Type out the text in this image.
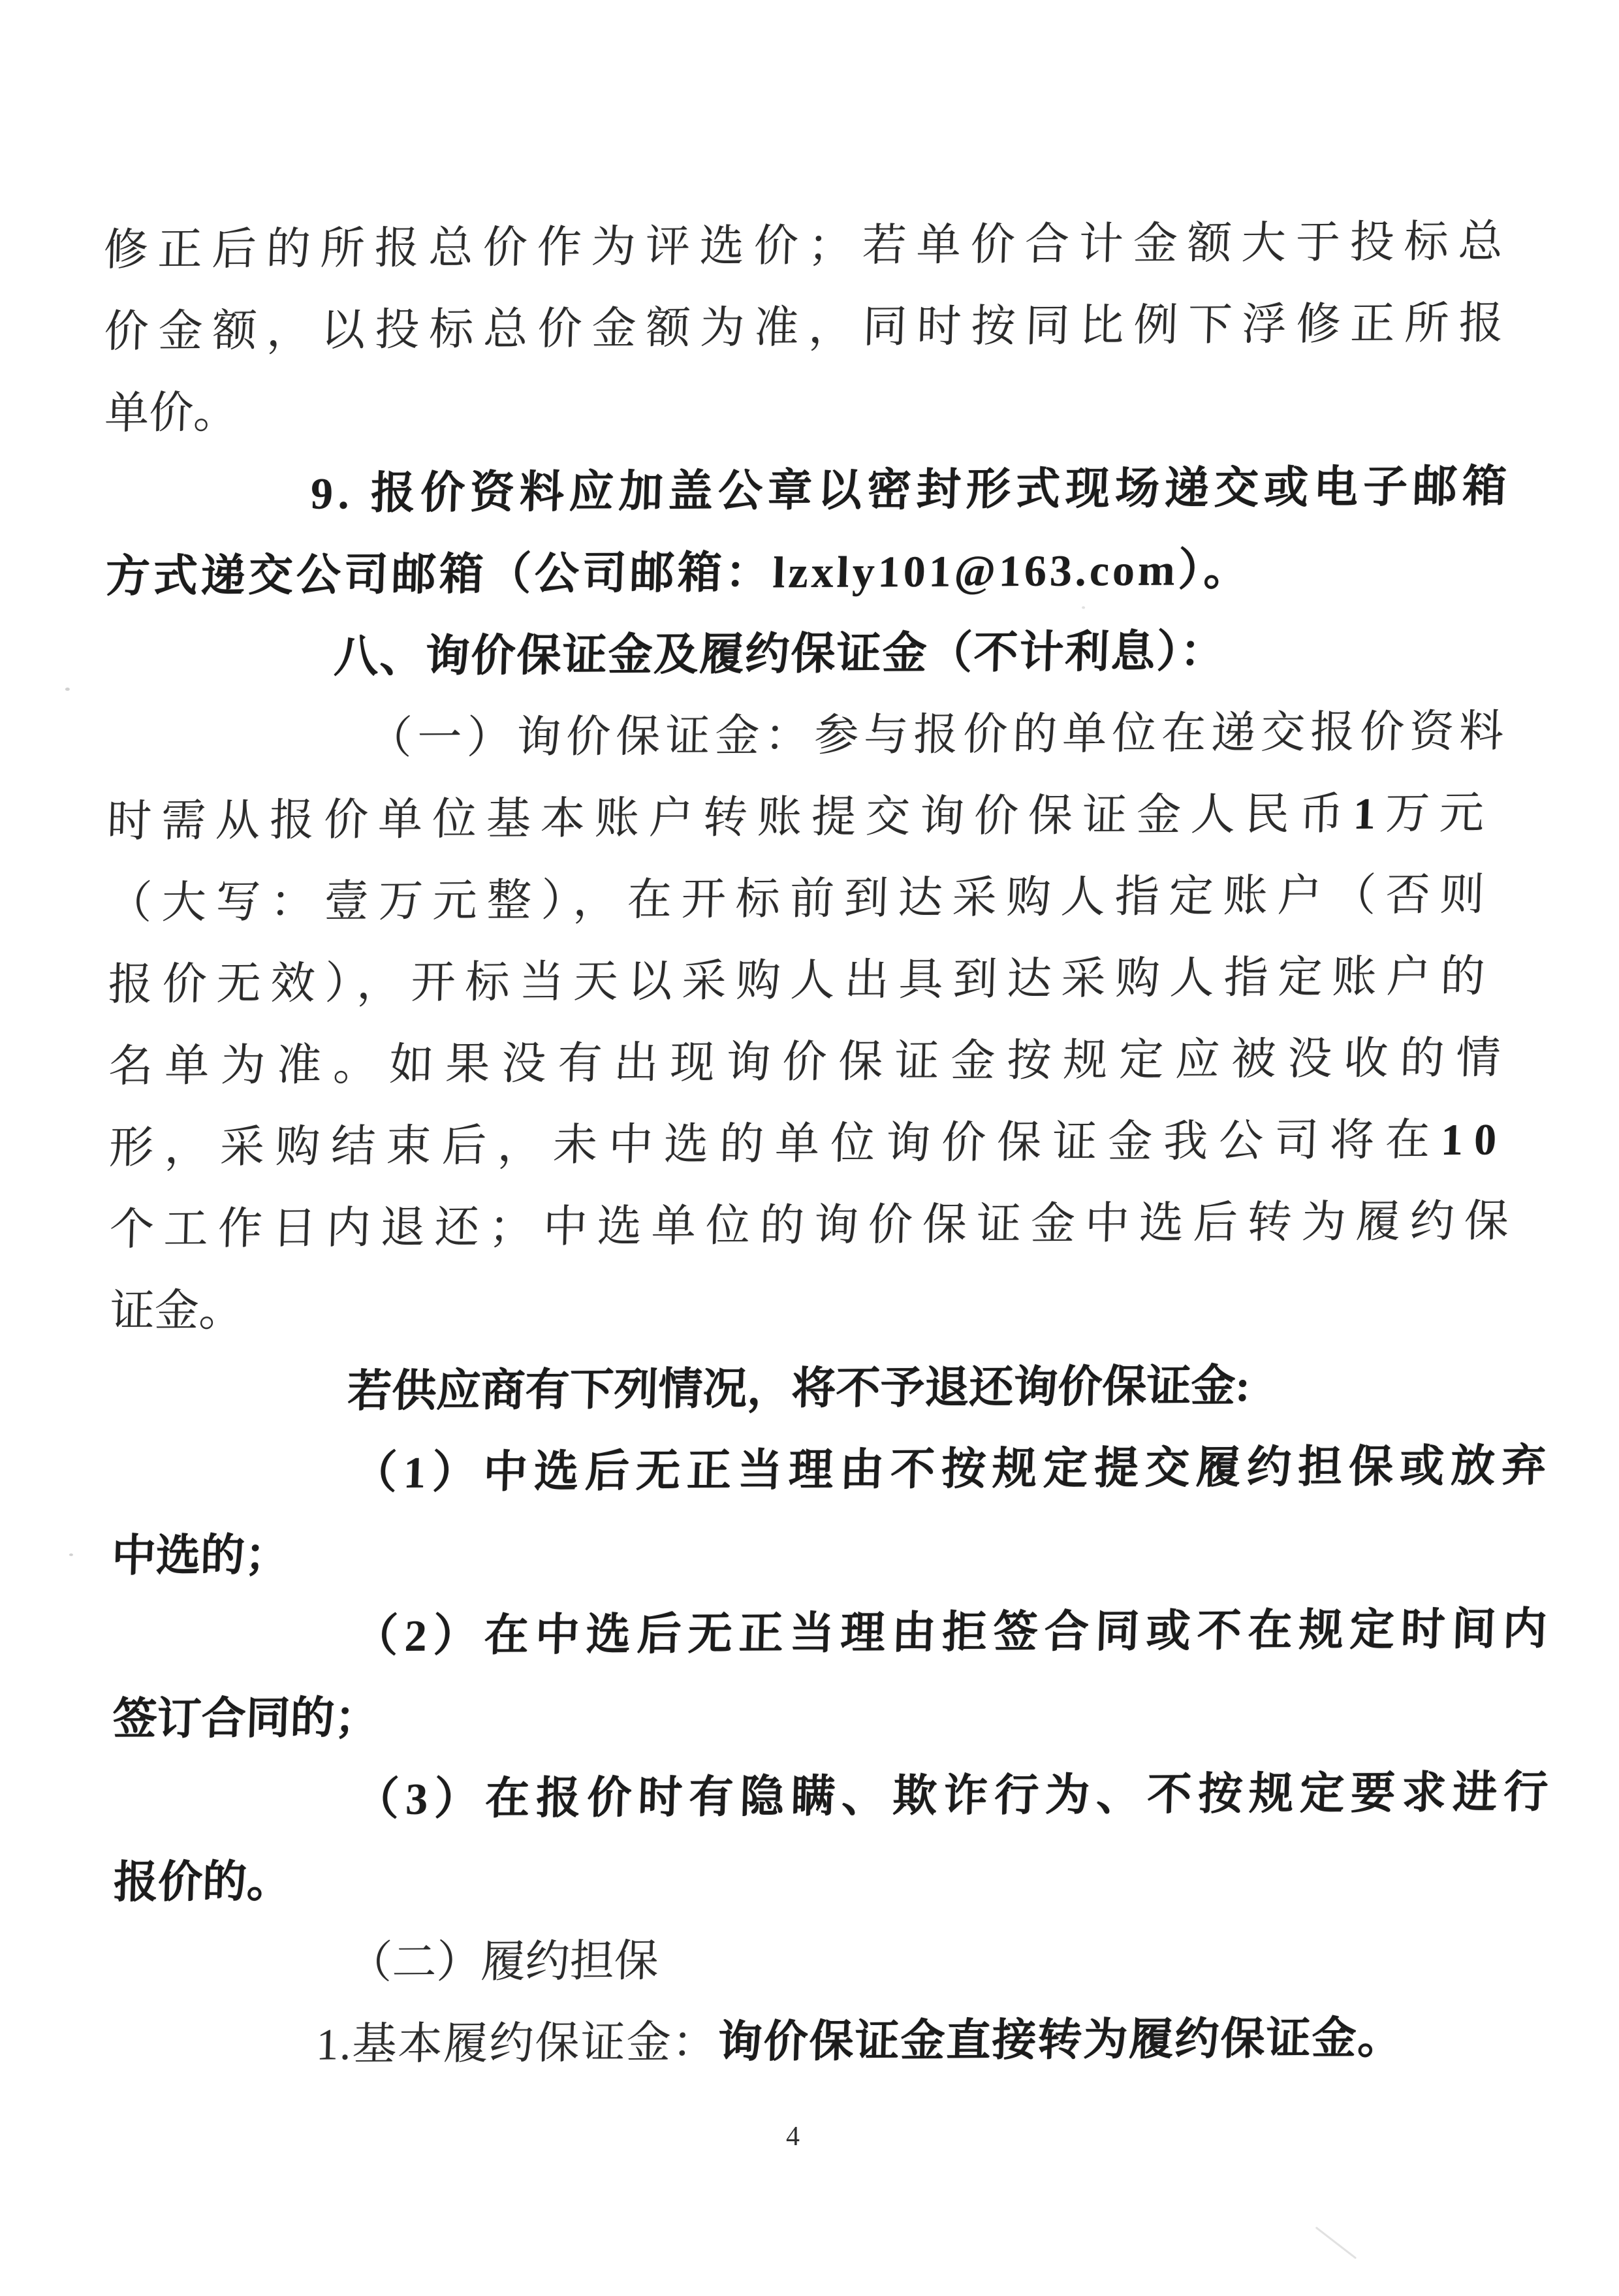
修正后的所报总价作为评选价；若单价合计金额大于投标总
价金额，以投标总价金额为准，同时按同比例下浮修正所报
单价。
9. 报价资料应加盖公章以密封形式现场递交或电子邮箱
方式递交公司邮箱（公司邮箱：lzxly101@163.com）。
八、询价保证金及履约保证金（不计利息）：
（一）询价保证金：参与报价的单位在递交报价资料
时需从报价单位基本账户转账提交询价保证金人民币1万元
（大写：壹万元整），在开标前到达采购人指定账户（否则
报价无效），开标当天以采购人出具到达采购人指定账户的
名单为准。如果没有出现询价保证金按规定应被没收的情
形，采购结束后，未中选的单位询价保证金我公司将在10
个工作日内退还；中选单位的询价保证金中选后转为履约保
证金。
若供应商有下列情况，将不予退还询价保证金:
（1）中选后无正当理由不按规定提交履约担保或放弃
中选的；
（2）在中选后无正当理由拒签合同或不在规定时间内
签订合同的；
（3）在报价时有隐瞒、欺诈行为、不按规定要求进行
报价的。
（二）履约担保
1.基本履约保证金：询价保证金直接转为履约保证金。
4
